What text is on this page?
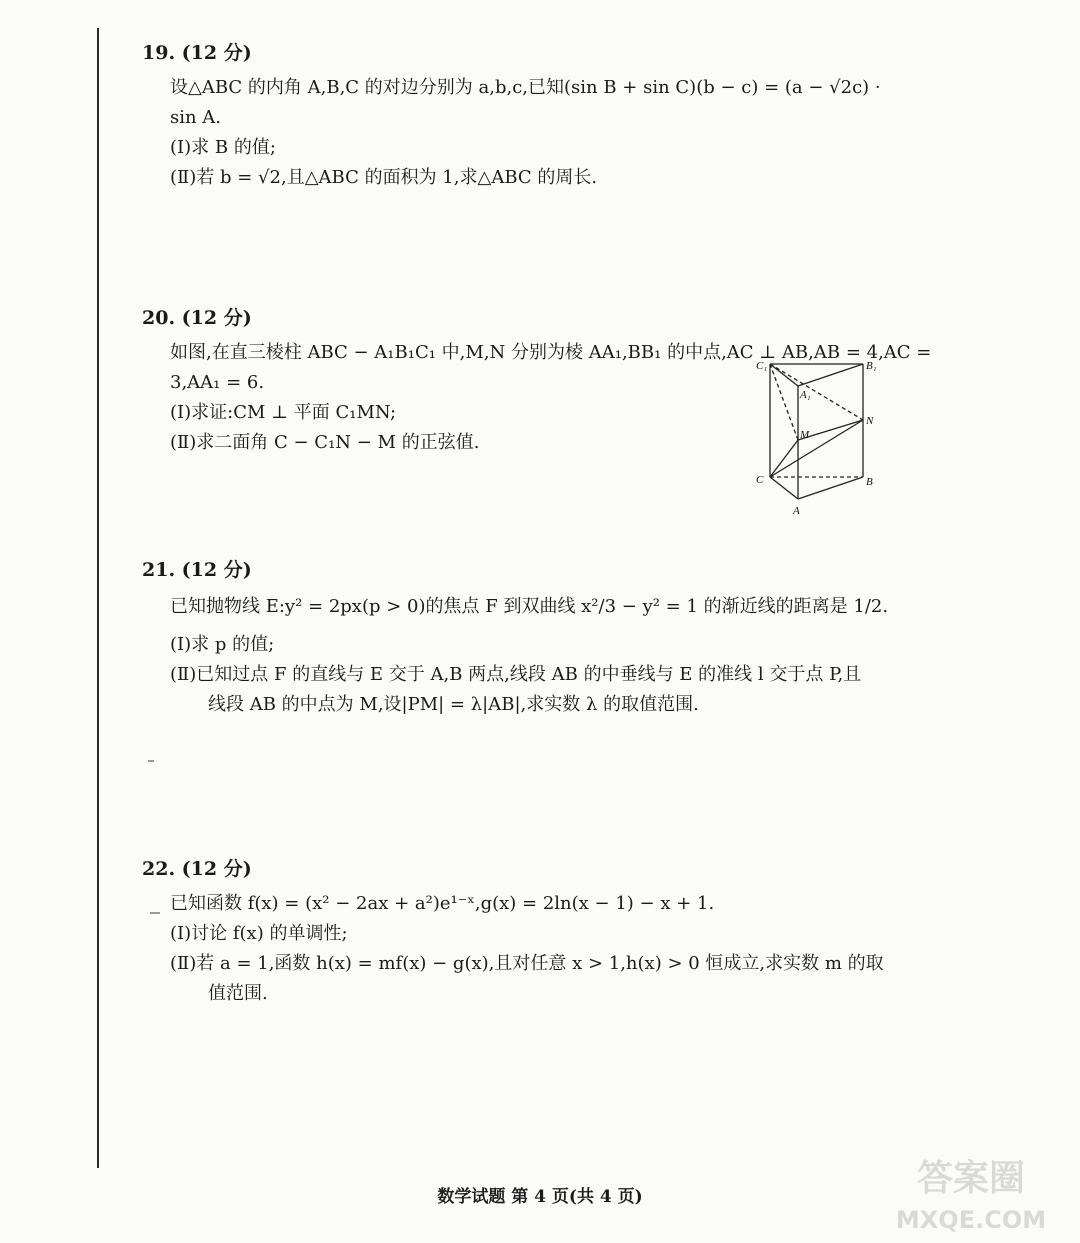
19. (12 分)
设△ABC 的内角 A,B,C 的对边分别为 a,b,c,已知(sin B + sin C)(b − c) = (a − √2c) ·
sin A.
(Ⅰ)求 B 的值;
(Ⅱ)若 b = √2,且△ABC 的面积为 1,求△ABC 的周长.
20. (12 分)
如图,在直三棱柱 ABC − A₁B₁C₁ 中,M,N 分别为棱 AA₁,BB₁ 的中点,AC ⊥ AB,AB = 4,AC =
3,AA₁ = 6.
(Ⅰ)求证:CM ⊥ 平面 C₁MN;
(Ⅱ)求二面角 C − C₁N − M 的正弦值.
C₁	B₁
A₁
M
N
C	B
A
21. (12 分)
已知抛物线 E:y² = 2px(p > 0)的焦点 F 到双曲线 x²/3 − y² = 1 的渐近线的距离是 1/2.
(Ⅰ)求 p 的值;
(Ⅱ)已知过点 F 的直线与 E 交于 A,B 两点,线段 AB 的中垂线与 E 的准线 l 交于点 P,且
线段 AB 的中点为 M,设|PM| = λ|AB|,求实数 λ 的取值范围.
22. (12 分)
已知函数 f(x) = (x² − 2ax + a²)e¹⁻ˣ,g(x) = 2ln(x − 1) − x + 1.
(Ⅰ)讨论 f(x) 的单调性;
(Ⅱ)若 a = 1,函数 h(x) = mf(x) − g(x),且对任意 x > 1,h(x) > 0 恒成立,求实数 m 的取
值范围.
数学试题 第 4 页(共 4 页)	答案圈
MXQE.COM
